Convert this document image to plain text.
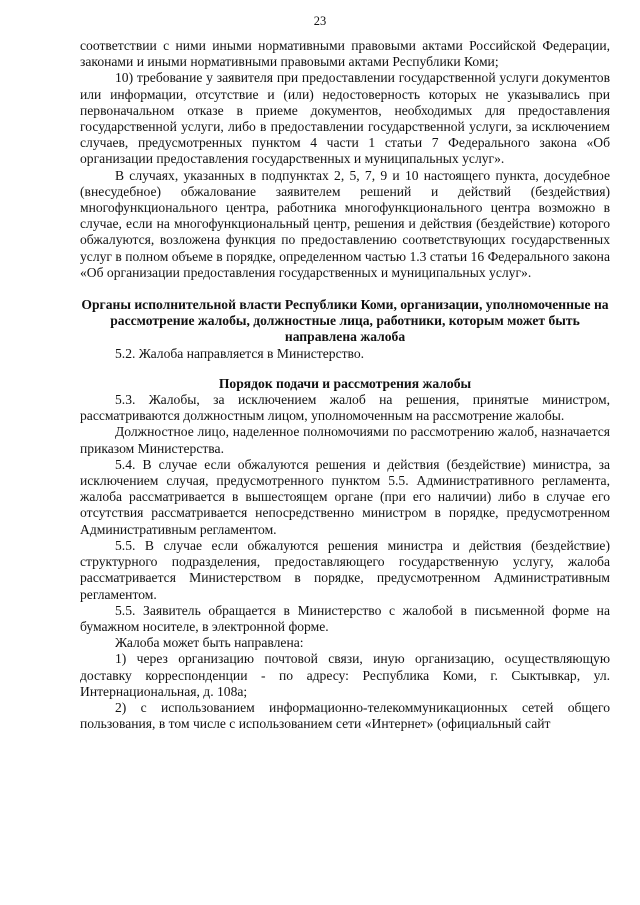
23

соответствии с ними иными нормативными правовыми актами Российской Федерации, законами и иными нормативными правовыми актами Республики Коми;

10) требование у заявителя при предоставлении государственной услуги документов или информации, отсутствие и (или) недостоверность которых не указывались при первоначальном отказе в приеме документов, необходимых для предоставления государственной услуги, либо в предоставлении государственной услуги, за исключением случаев, предусмотренных пунктом 4 части 1 статьи 7 Федерального закона «Об организации предоставления государственных и муниципальных услуг».

В случаях, указанных в подпунктах 2, 5, 7, 9 и 10 настоящего пункта, досудебное (внесудебное) обжалование заявителем решений и действий (бездействия) многофункционального центра, работника многофункционального центра возможно в случае, если на многофункциональный центр, решения и действия (бездействие) которого обжалуются, возложена функция по предоставлению соответствующих государственных услуг в полном объеме в порядке, определенном частью 1.3 статьи 16 Федерального закона «Об организации предоставления государственных и муниципальных услуг».

Органы исполнительной власти Республики Коми, организации, уполномоченные на рассмотрение жалобы, должностные лица, работники, которым может быть направлена жалоба

5.2. Жалоба направляется в Министерство.

Порядок подачи и рассмотрения жалобы

5.3. Жалобы, за исключением жалоб на решения, принятые министром, рассматриваются должностным лицом, уполномоченным на рассмотрение жалобы.

Должностное лицо, наделенное полномочиями по рассмотрению жалоб, назначается приказом Министерства.

5.4. В случае если обжалуются решения и действия (бездействие) министра, за исключением случая, предусмотренного пунктом 5.5. Административного регламента, жалоба рассматривается в вышестоящем органе (при его наличии) либо в случае его отсутствия рассматривается непосредственно министром в порядке, предусмотренном Административным регламентом.

5.5. В случае если обжалуются решения министра и действия (бездействие) структурного подразделения, предоставляющего государственную услугу, жалоба рассматривается Министерством в порядке, предусмотренном Административным регламентом.

5.5. Заявитель обращается в Министерство с жалобой в письменной форме на бумажном носителе, в электронной форме.

Жалоба может быть направлена:

1) через организацию почтовой связи, иную организацию, осуществляющую доставку корреспонденции - по адресу: Республика Коми, г. Сыктывкар, ул. Интернациональная, д. 108а;

2) с использованием информационно-телекоммуникационных сетей общего пользования, в том числе с использованием сети «Интернет» (официальный сайт
